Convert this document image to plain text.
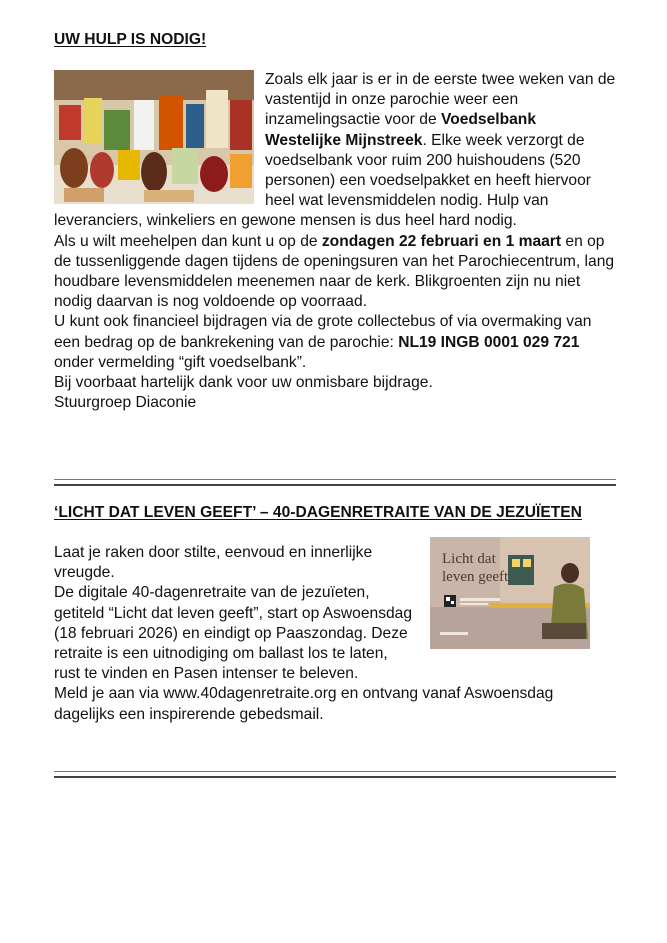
UW HULP IS NODIG!

Zoals elk jaar is er in de eerste twee weken van de vastentijd in onze parochie weer een inzamelingsactie voor de Voedselbank Westelijke Mijnstreek. Elke week verzorgt de voedselbank voor ruim 200 huishoudens (520 personen) een voedselpakket en heeft hiervoor heel wat levensmiddelen nodig. Hulp van leveranciers, winkeliers en gewone mensen is dus heel hard nodig.

Als u wilt meehelpen dan kunt u op de zondagen 22 februari en 1 maart en op de tussenliggende dagen tijdens de openingsuren van het Parochiecentrum, lang houdbare levensmiddelen meenemen naar de kerk. Blikgroenten zijn nu niet nodig daarvan is nog voldoende op voorraad.

U kunt ook financieel bijdragen via de grote collectebus of via overmaking van een bedrag op de bankrekening van de parochie: NL19 INGB 0001 029 721 onder vermelding “gift voedselbank”.

Bij voorbaat hartelijk dank voor uw onmisbare bijdrage.

Stuurgroep Diaconie

‘LICHT DAT LEVEN GEEFT’ – 40-DAGENRETRAITE VAN DE JEZUÏETEN
Licht dat
leven geeft

Laat je raken door stilte, eenvoud en innerlijke vreugde.

De digitale 40-dagenretraite van de jezuïeten, getiteld “Licht dat leven geeft”, start op Aswoensdag (18 februari 2026) en eindigt op Paaszondag. Deze retraite is een uitnodiging om ballast los te laten, rust te vinden en Pasen intenser te beleven.

Meld je aan via www.40dagenretraite.org en ontvang vanaf Aswoensdag dagelijks een inspirerende gebedsmail.
